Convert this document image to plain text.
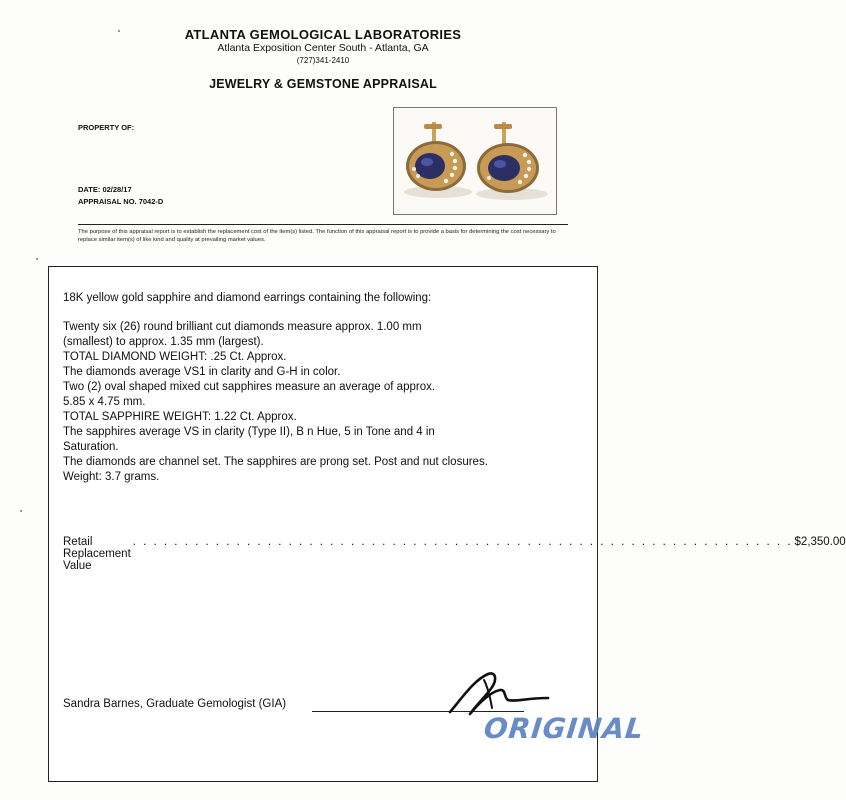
ATLANTA GEMOLOGICAL LABORATORIES
Atlanta Exposition Center South - Atlanta, GA
(727)341-2410
JEWELRY & GEMSTONE APPRAISAL
PROPERTY OF:
DATE: 02/28/17
APPRAISAL NO. 7042-D
The purpose of this appraisal report is to establish the replacement cost of the item(s) listed. The function of this appraisal report is to provide a basis for determining the cost necessary to replace similar item(s) of like kind and quality at prevailing market values.
18K yellow gold sapphire and diamond earrings containing the following:
Twenty six (26) round brilliant cut diamonds measure approx. 1.00 mm
(smallest) to approx. 1.35 mm (largest).
TOTAL DIAMOND WEIGHT: .25 Ct. Approx.
The diamonds average VS1 in clarity and G-H in color.
Two (2) oval shaped mixed cut sapphires measure an average of approx.
5.85 x 4.75 mm.
TOTAL SAPPHIRE WEIGHT: 1.22 Ct. Approx.
The sapphires average VS in clarity (Type II), B n Hue, 5 in Tone and 4 in
Saturation.
The diamonds are channel set. The sapphires are prong set. Post and nut closures.
Weight: 3.7 grams.
Retail Replacement Value
. . . . . . . . . . . . . . . . . . . . . . . . . . . . . . . . . . . . . . . . . . . . . . . . . . . . . . . . . . . . . . . . $2,350.00
Sandra Barnes, Graduate Gemologist (GIA)
ORIGINAL
